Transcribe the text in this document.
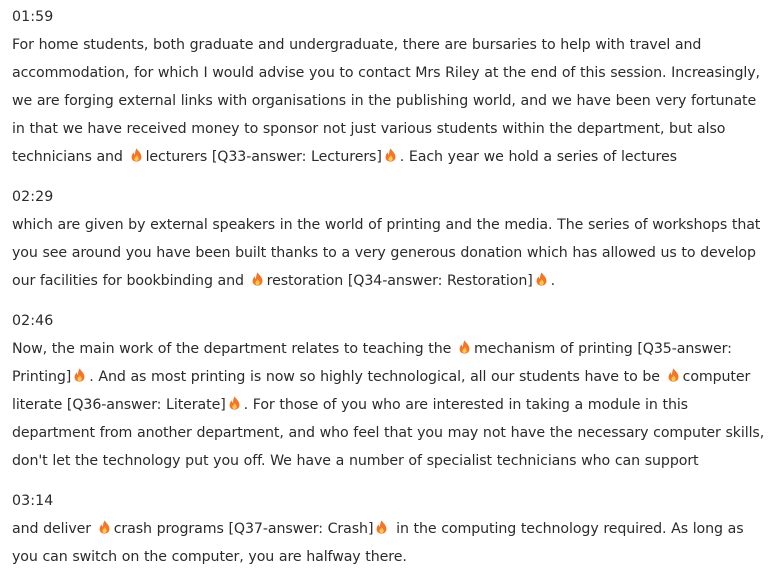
01:59
For home students, both graduate and undergraduate, there are bursaries to help with travel and accommodation, for which I would advise you to contact Mrs Riley at the end of this session. Increasingly, we are forging external links with organisations in the publishing world, and we have been very fortunate in that we have received money to sponsor not just various students within the department, but also technicians and
lecturers [Q33-answer: Lecturers] . Each year we hold a series of lectures
02:29
which are given by external speakers in the world of printing and the media. The series of workshops that you see around you have been built thanks to a very generous donation which has allowed us to develop our facilities for bookbinding and
restoration [Q34-answer: Restoration] .
02:46
Now, the main work of the department relates to teaching the
mechanism of printing [Q35-answer: Printing] . And as most printing is now so highly technological, all our students have to be
computer literate [Q36-answer: Literate] . For those of you who are interested in taking a module in this department from another department, and who feel that you may not have the necessary computer skills, don't let the technology put you off. We have a number of specialist technicians who can support
03:14
and deliver
crash programs [Q37-answer: Crash]
in the computing technology required. As long as you can switch on the computer, you are halfway there.
